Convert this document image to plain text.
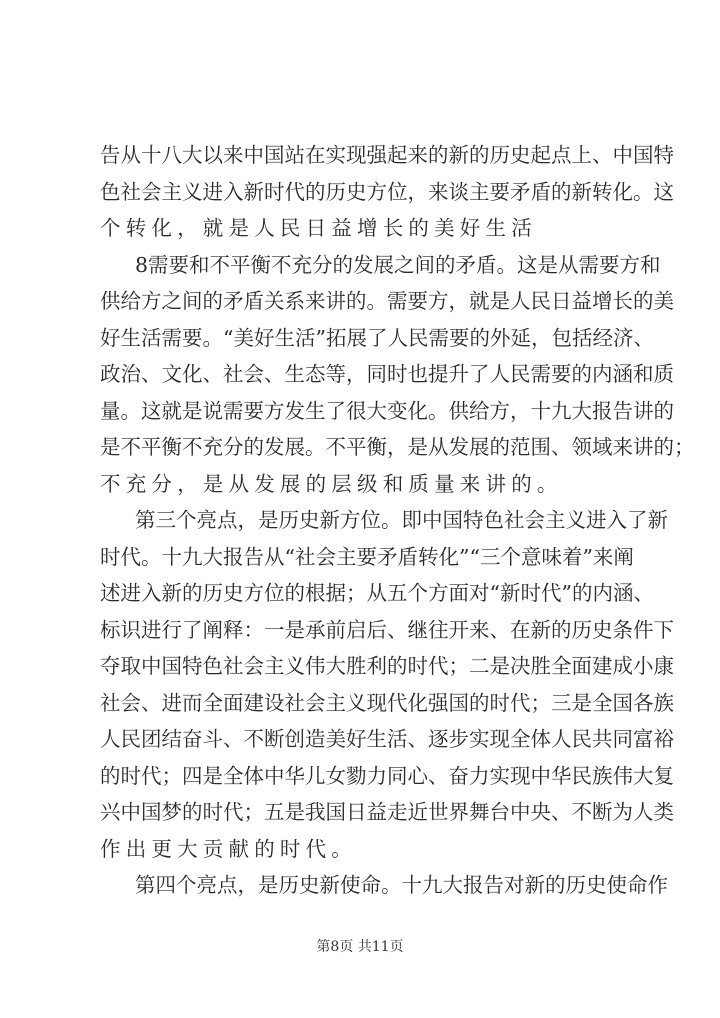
告从十八大以来中国站在实现强起来的新的历史起点上、中国特
色社会主义进入新时代的历史方位，来谈主要矛盾的新转化。这
个转化，就是人民日益增长的美好生活
8需要和不平衡不充分的发展之间的矛盾。这是从需要方和
供给方之间的矛盾关系来讲的。需要方，就是人民日益增长的美
好生活需要。“美好生活”拓展了人民需要的外延，包括经济、
政治、文化、社会、生态等，同时也提升了人民需要的内涵和质
量。这就是说需要方发生了很大变化。供给方，十九大报告讲的
是不平衡不充分的发展。不平衡，是从发展的范围、领域来讲的；
不充分，是从发展的层级和质量来讲的。
第三个亮点，是历史新方位。即中国特色社会主义进入了新
时代。十九大报告从“社会主要矛盾转化”“三个意味着”来阐
述进入新的历史方位的根据；从五个方面对“新时代”的内涵、
标识进行了阐释：一是承前启后、继往开来、在新的历史条件下
夺取中国特色社会主义伟大胜利的时代；二是决胜全面建成小康
社会、进而全面建设社会主义现代化强国的时代；三是全国各族
人民团结奋斗、不断创造美好生活、逐步实现全体人民共同富裕
的时代；四是全体中华儿女勠力同心、奋力实现中华民族伟大复
兴中国梦的时代；五是我国日益走近世界舞台中央、不断为人类
作出更大贡献的时代。
第四个亮点，是历史新使命。十九大报告对新的历史使命作
第8页 共11页
